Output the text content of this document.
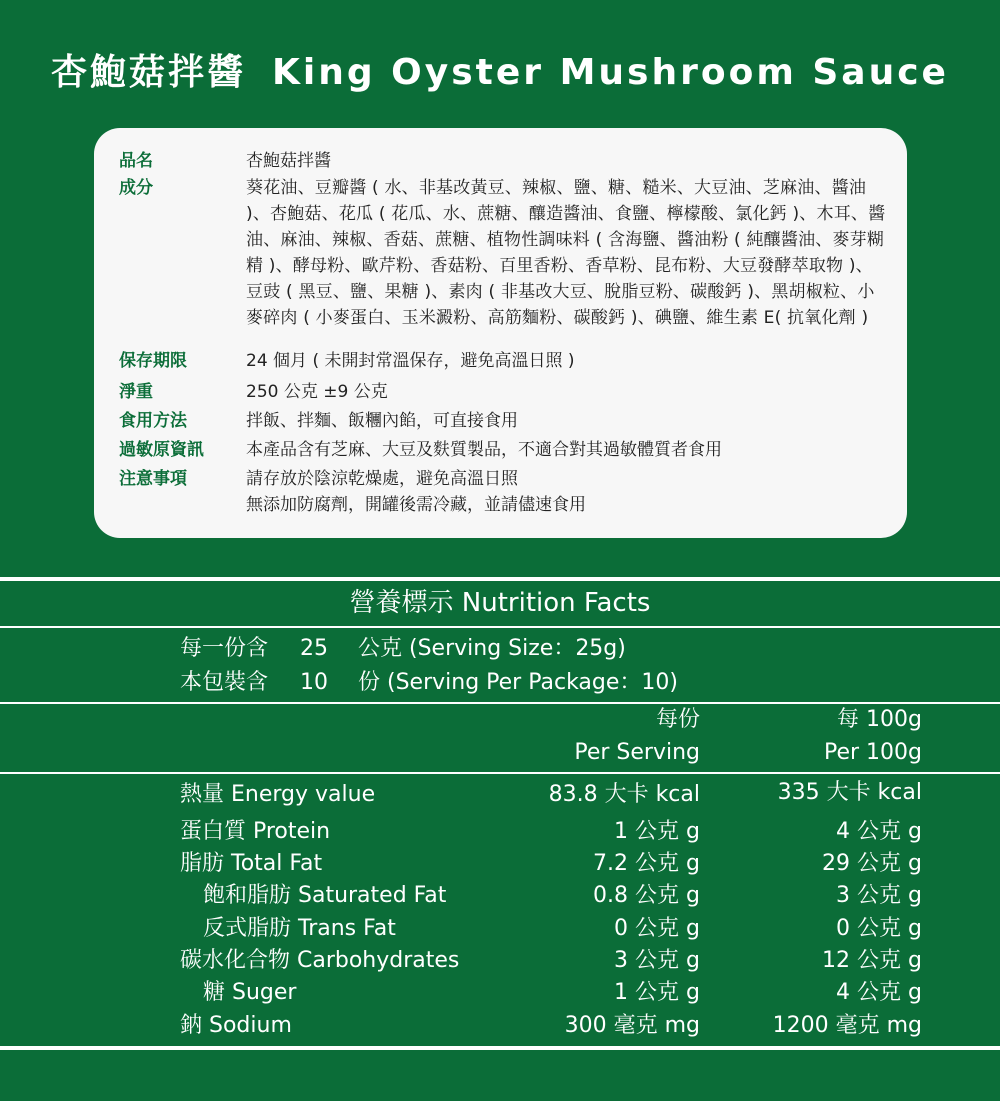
杏鮑菇拌醬 King Oyster Mushroom Sauce
品名	杏鮑菇拌醬
成分	葵花油、豆瓣醬 ( 水、非基改黃豆、辣椒、鹽、糖、糙米、大豆油、芝麻油、醬油 )、杏鮑菇、花瓜 ( 花瓜、水、蔗糖、釀造醬油、食鹽、檸檬酸、氯化鈣 )、木耳、醬油、麻油、辣椒、香菇、蔗糖、植物性調味料 ( 含海鹽、醬油粉 ( 純釀醬油、麥芽糊精 )、酵母粉、歐芹粉、香菇粉、百里香粉、香草粉、昆布粉、大豆發酵萃取物 )、豆豉 ( 黑豆、鹽、果糖 )、素肉 ( 非基改大豆、脫脂豆粉、碳酸鈣 )、黑胡椒粒、小麥碎肉 ( 小麥蛋白、玉米澱粉、高筋麵粉、碳酸鈣 )、碘鹽、維生素 E( 抗氧化劑 )
保存期限	24 個月 ( 未開封常溫保存，避免高溫日照 )
淨重	250 公克 ±9 公克
食用方法	拌飯、拌麵、飯糰內餡，可直接食用
過敏原資訊	本產品含有芝麻、大豆及麩質製品，不適合對其過敏體質者食用
注意事項	請存放於陰涼乾燥處，避免高溫日照
無添加防腐劑，開罐後需冷藏，並請儘速食用
營養標示 Nutrition Facts
每一份含 25 公克 (Serving Size：25g)
本包裝含 10 份 (Serving Per Package：10)
每份
Per Serving
每 100g
Per 100g
熱量 Energy value	83.8 大卡 kcal	335 大卡 kcal
蛋白質 Protein	1 公克 g	4 公克 g
脂肪 Total Fat	7.2 公克 g	29 公克 g
飽和脂肪 Saturated Fat	0.8 公克 g	3 公克 g
反式脂肪 Trans Fat	0 公克 g	0 公克 g
碳水化合物 Carbohydrates	3 公克 g	12 公克 g
糖 Suger	1 公克 g	4 公克 g
鈉 Sodium	300 毫克 mg	1200 毫克 mg
